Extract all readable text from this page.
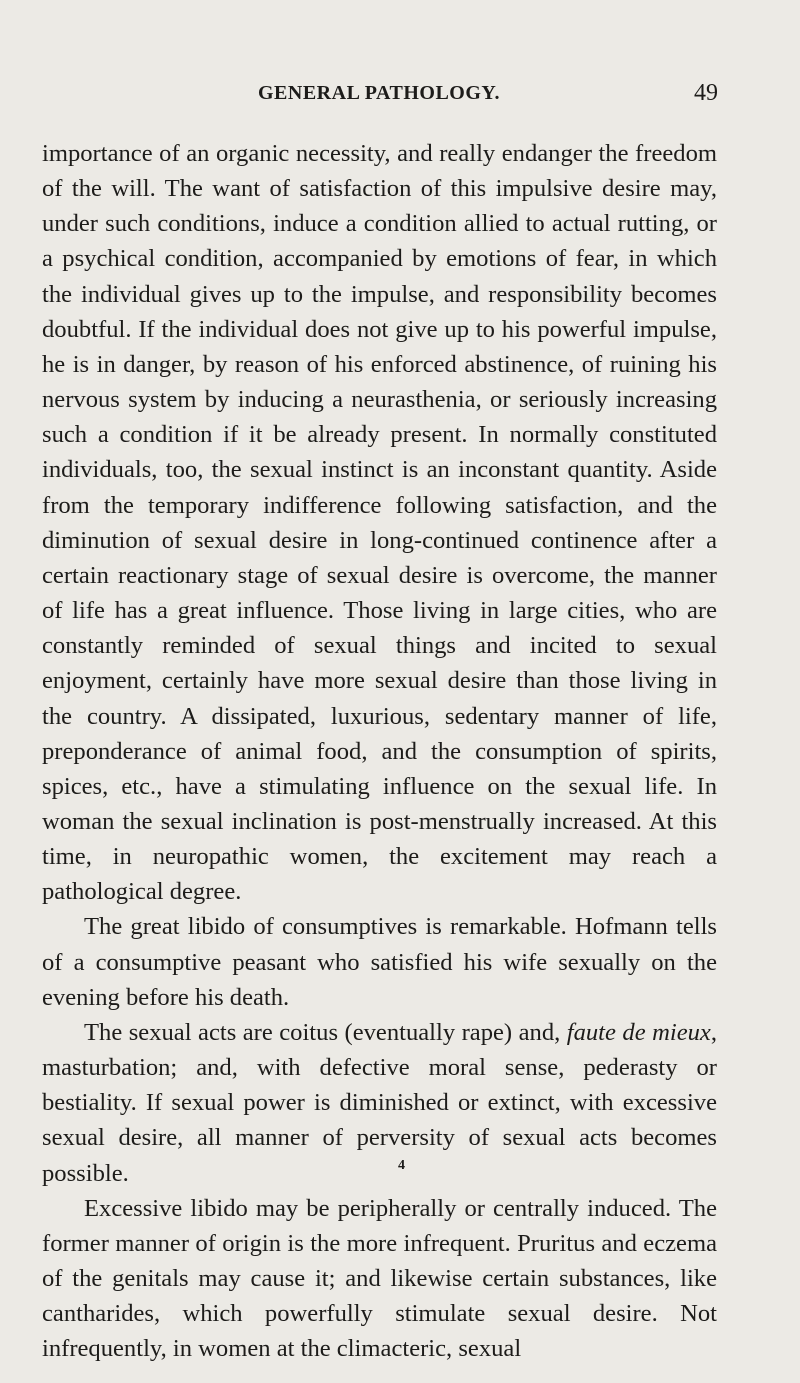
GENERAL PATHOLOGY.	49

importance of an organic necessity, and really endanger the freedom of the will. The want of satisfaction of this impulsive desire may, under such conditions, induce a condition allied to actual rutting, or a psychical condition, accompanied by emotions of fear, in which the individual gives up to the impulse, and responsibility becomes doubtful. If the individual does not give up to his powerful impulse, he is in danger, by reason of his enforced abstinence, of ruining his nervous system by inducing a neurasthenia, or seriously increasing such a condition if it be already present. In normally constituted individuals, too, the sexual instinct is an inconstant quantity. Aside from the temporary indifference following satisfaction, and the diminution of sexual desire in long-continued continence after a certain reactionary stage of sexual desire is overcome, the manner of life has a great influence. Those living in large cities, who are constantly reminded of sexual things and incited to sexual enjoyment, certainly have more sexual desire than those living in the country. A dissipated, luxurious, sedentary manner of life, preponderance of animal food, and the consumption of spirits, spices, etc., have a stimulating influence on the sexual life. In woman the sexual inclination is post-menstrually increased. At this time, in neuropathic women, the excitement may reach a pathological degree.

The great libido of consumptives is remarkable. Hofmann tells of a consumptive peasant who satisfied his wife sexually on the evening before his death.

The sexual acts are coitus (eventually rape) and, faute de mieux, masturbation; and, with defective moral sense, pederasty or bestiality. If sexual power is diminished or extinct, with excessive sexual desire, all manner of perversity of sexual acts becomes possible.

Excessive libido may be peripherally or centrally induced. The former manner of origin is the more infrequent. Pruritus and eczema of the genitals may cause it; and likewise certain substances, like cantharides, which powerfully stimulate sexual desire. Not infrequently, in women at the climacteric, sexual

4
